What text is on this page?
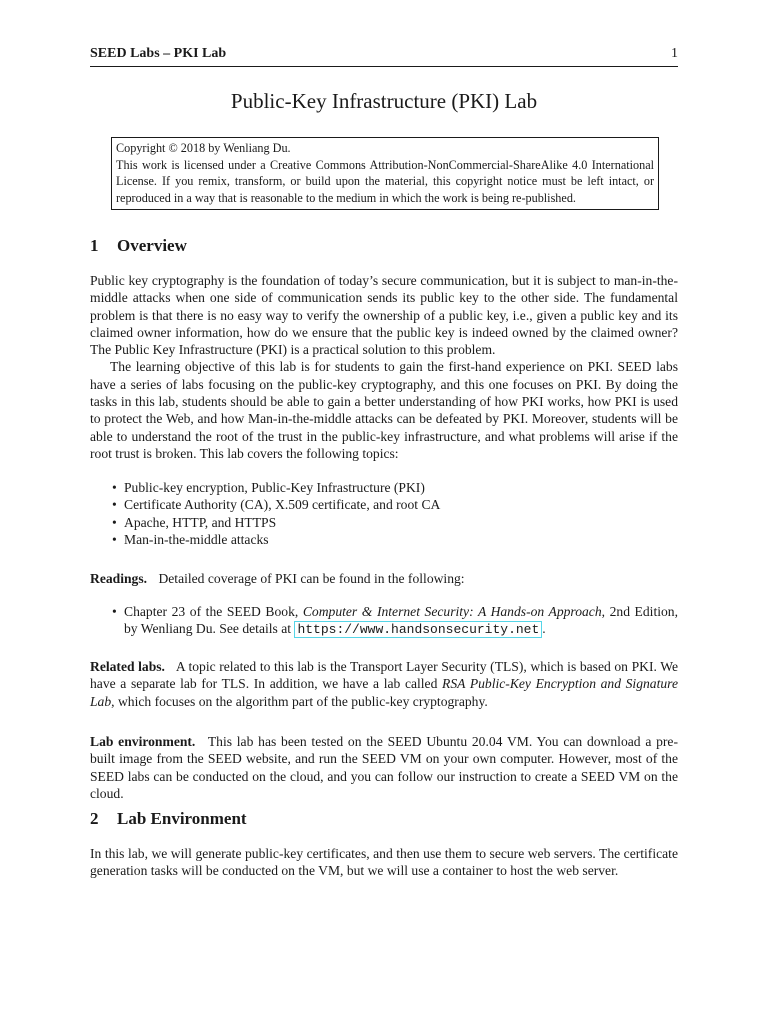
SEED Labs – PKI Lab	1
Public-Key Infrastructure (PKI) Lab

Copyright © 2018 by Wenliang Du.

This work is licensed under a Creative Commons Attribution-NonCommercial-ShareAlike 4.0 International License. If you remix, transform, or build upon the material, this copyright notice must be left intact, or reproduced in a way that is reasonable to the medium in which the work is being re-published.

1 Overview

Public key cryptography is the foundation of today’s secure communication, but it is subject to man-in-the-middle attacks when one side of communication sends its public key to the other side. The fundamental problem is that there is no easy way to verify the ownership of a public key, i.e., given a public key and its claimed owner information, how do we ensure that the public key is indeed owned by the claimed owner? The Public Key Infrastructure (PKI) is a practical solution to this problem.

The learning objective of this lab is for students to gain the first-hand experience on PKI. SEED labs have a series of labs focusing on the public-key cryptography, and this one focuses on PKI. By doing the tasks in this lab, students should be able to gain a better understanding of how PKI works, how PKI is used to protect the Web, and how Man-in-the-middle attacks can be defeated by PKI. Moreover, students will be able to understand the root of the trust in the public-key infrastructure, and what problems will arise if the root trust is broken. This lab covers the following topics:

• Public-key encryption, Public-Key Infrastructure (PKI)
• Certificate Authority (CA), X.509 certificate, and root CA
• Apache, HTTP, and HTTPS
• Man-in-the-middle attacks

Readings. Detailed coverage of PKI can be found in the following:

• Chapter 23 of the SEED Book, Computer & Internet Security: A Hands-on Approach, 2nd Edition, by Wenliang Du. See details at https://www.handsonsecurity.net .

Related labs. A topic related to this lab is the Transport Layer Security (TLS), which is based on PKI. We have a separate lab for TLS. In addition, we have a lab called RSA Public-Key Encryption and Signature Lab, which focuses on the algorithm part of the public-key cryptography.

Lab environment. This lab has been tested on the SEED Ubuntu 20.04 VM. You can download a pre-built image from the SEED website, and run the SEED VM on your own computer. However, most of the SEED labs can be conducted on the cloud, and you can follow our instruction to create a SEED VM on the cloud.

2 Lab Environment

In this lab, we will generate public-key certificates, and then use them to secure web servers. The certificate generation tasks will be conducted on the VM, but we will use a container to host the web server.
